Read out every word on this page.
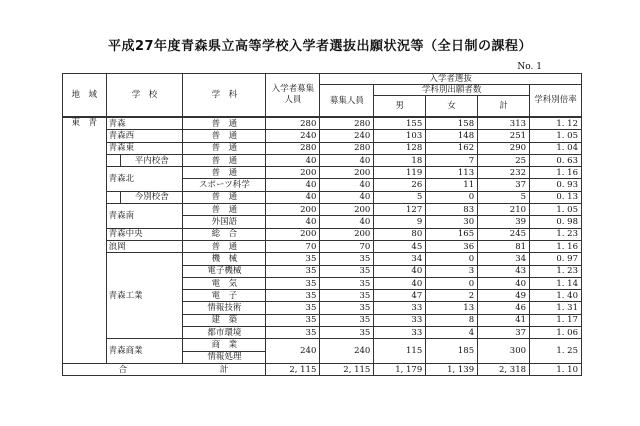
平成27年度青森県立高等学校入学者選抜出願状況等（全日制の課程）
No. 1
地　域	学　校		学　科	入学者募集人員	入学者選抜				
					募集人員	学科別出願者数			学科別倍率
						男	女	計	
東　青	青森		普　通	280	280	155	158	313	1. 12
	青森西		普　通	240	240	103	148	251	1. 05
	青森東		普　通	280	280	128	162	290	1. 04
		平内校舎	普　通	40	40	18	7	25	0. 63
	青森北		普　通	200	200	119	113	232	1. 16
			スポーツ科学	40	40	26	11	37	0. 93
		今別校舎	普　通	40	40	5	0	5	0. 13
	青森南		普　通	200	200	127	83	210	1. 05
			外国語	40	40	9	30	39	0. 98
	青森中央		総　合	200	200	80	165	245	1. 23
	浪岡		普　通	70	70	45	36	81	1. 16
	青森工業		機　械	35	35	34	0	34	0. 97
			電子機械	35	35	40	3	43	1. 23
			電　気	35	35	40	0	40	1. 14
			電　子	35	35	47	2	49	1. 40
			情報技術	35	35	33	13	46	1. 31
			建　築	35	35	33	8	41	1. 17
			都市環境	35	35	33	4	37	1. 06
	青森商業		商　業	240	240	115	185	300	1. 25
			情報処理						
合			計	2, 115	2, 115	1, 179	1, 139	2, 318	1. 10
